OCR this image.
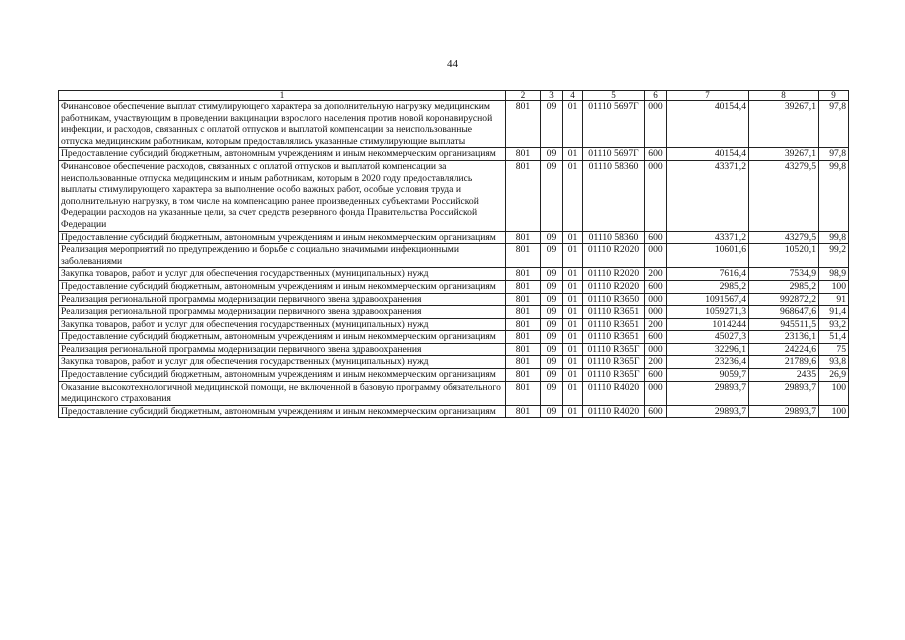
44
1	2	3	4	5	6	7	8	9
Финансовое обеспечение выплат стимулирующего характера за дополнительную нагрузку медицинским работникам, участвующим в проведении вакцинации взрослого населения против новой коронавирусной инфекции, и расходов, связанных с оплатой отпусков и выплатой компенсации за неиспользованные отпуска медицинским работникам, которым предоставлялись указанные стимулирующие выплаты	801	09	01	01110 5697Г	000	40154,4	39267,1	97,8
Предоставление субсидий бюджетным, автономным учреждениям и иным некоммерческим организациям	801	09	01	01110 5697Г	600	40154,4	39267,1	97,8
Финансовое обеспечение расходов, связанных с оплатой отпусков и выплатой компенсации за неиспользованные отпуска медицинским и иным работникам, которым в 2020 году предоставлялись выплаты стимулирующего характера за выполнение особо важных работ, особые условия труда и дополнительную нагрузку, в том числе на компенсацию ранее произведенных субъектами Российской Федерации расходов на указанные цели, за счет средств резервного фонда Правительства Российской Федерации	801	09	01	01110 58360	000	43371,2	43279,5	99,8
Предоставление субсидий бюджетным, автономным учреждениям и иным некоммерческим организациям	801	09	01	01110 58360	600	43371,2	43279,5	99,8
Реализация мероприятий по предупреждению и борьбе с социально значимыми инфекционными заболеваниями	801	09	01	01110 R2020	000	10601,6	10520,1	99,2
Закупка товаров, работ и услуг для обеспечения государственных (муниципальных) нужд	801	09	01	01110 R2020	200	7616,4	7534,9	98,9
Предоставление субсидий бюджетным, автономным учреждениям и иным некоммерческим организациям	801	09	01	01110 R2020	600	2985,2	2985,2	100
Реализация региональной программы модернизации первичного звена здравоохранения	801	09	01	01110 R3650	000	1091567,4	992872,2	91
Реализация региональной программы модернизации первичного звена здравоохранения	801	09	01	01110 R3651	000	1059271,3	968647,6	91,4
Закупка товаров, работ и услуг для обеспечения государственных (муниципальных) нужд	801	09	01	01110 R3651	200	1014244	945511,5	93,2
Предоставление субсидий бюджетным, автономным учреждениям и иным некоммерческим организациям	801	09	01	01110 R3651	600	45027,3	23136,1	51,4
Реализация региональной программы модернизации первичного звена здравоохранения	801	09	01	01110 R365Г	000	32296,1	24224,6	75
Закупка товаров, работ и услуг для обеспечения государственных (муниципальных) нужд	801	09	01	01110 R365Г	200	23236,4	21789,6	93,8
Предоставление субсидий бюджетным, автономным учреждениям и иным некоммерческим организациям	801	09	01	01110 R365Г	600	9059,7	2435	26,9
Оказание высокотехнологичной медицинской помощи, не включенной в базовую программу обязательного медицинского страхования	801	09	01	01110 R4020	000	29893,7	29893,7	100
Предоставление субсидий бюджетным, автономным учреждениям и иным некоммерческим организациям	801	09	01	01110 R4020	600	29893,7	29893,7	100
